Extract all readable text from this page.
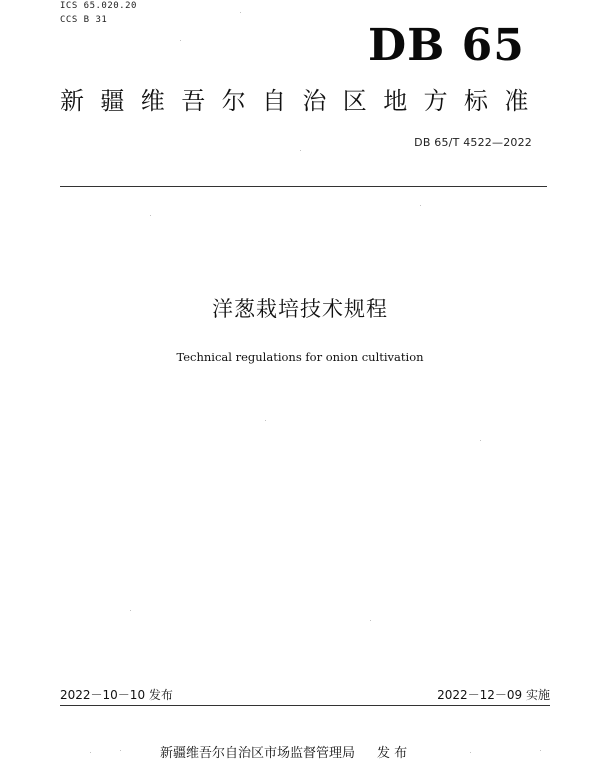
ICS 65.020.20
CCS B 31	DB 65
新疆维吾尔自治区地方标准
DB 65/T 4522—2022
洋葱栽培技术规程
Technical regulations for onion cultivation
2022－10－10 发布	2022－12－09 实施
新疆维吾尔自治区市场监督管理局 发 布
